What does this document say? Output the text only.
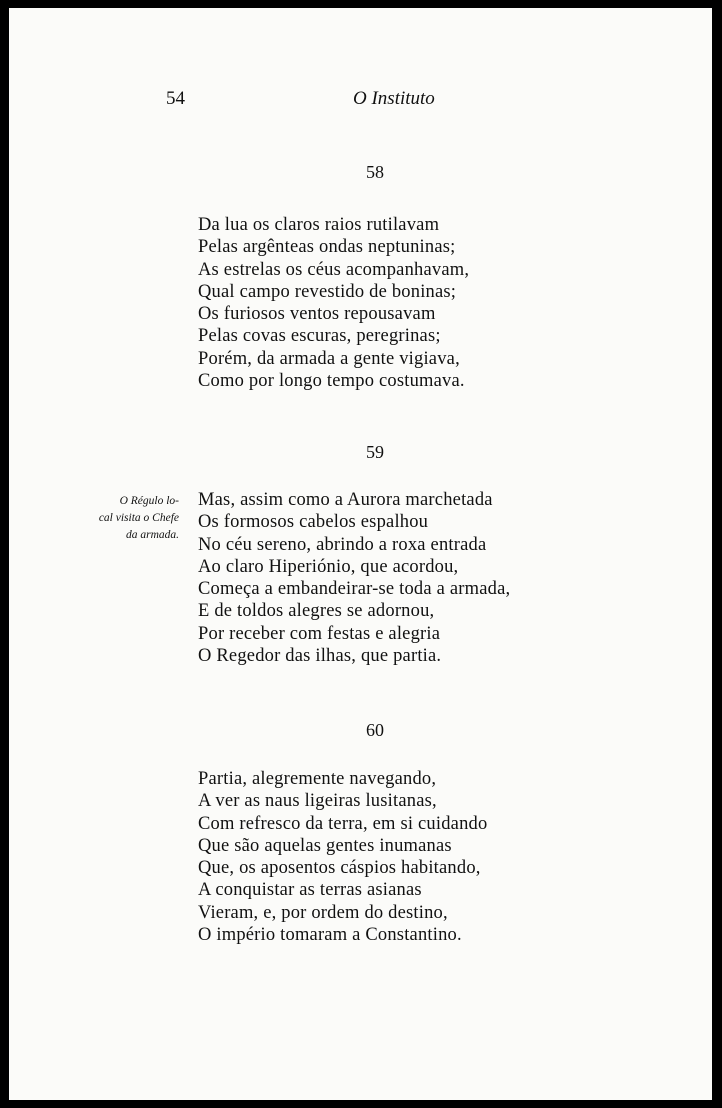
54	O Instituto
58
Da lua os claros raios rutilavam
Pelas argênteas ondas neptuninas;
As estrelas os céus acompanhavam,
Qual campo revestido de boninas;
Os furiosos ventos repousavam
Pelas covas escuras, peregrinas;
Porém, da armada a gente vigiava,
Como por longo tempo costumava.
O Régulo lo-
cal visita o Chefe
da armada.
59
Mas, assim como a Aurora marchetada
Os formosos cabelos espalhou
No céu sereno, abrindo a roxa entrada
Ao claro Hiperiónio, que acordou,
Começa a embandeirar-se toda a armada,
E de toldos alegres se adornou,
Por receber com festas e alegria
O Regedor das ilhas, que partia.
60
Partia, alegremente navegando,
A ver as naus ligeiras lusitanas,
Com refresco da terra, em si cuidando
Que são aquelas gentes inumanas
Que, os aposentos cáspios habitando,
A conquistar as terras asianas
Vieram, e, por ordem do destino,
O império tomaram a Constantino.
